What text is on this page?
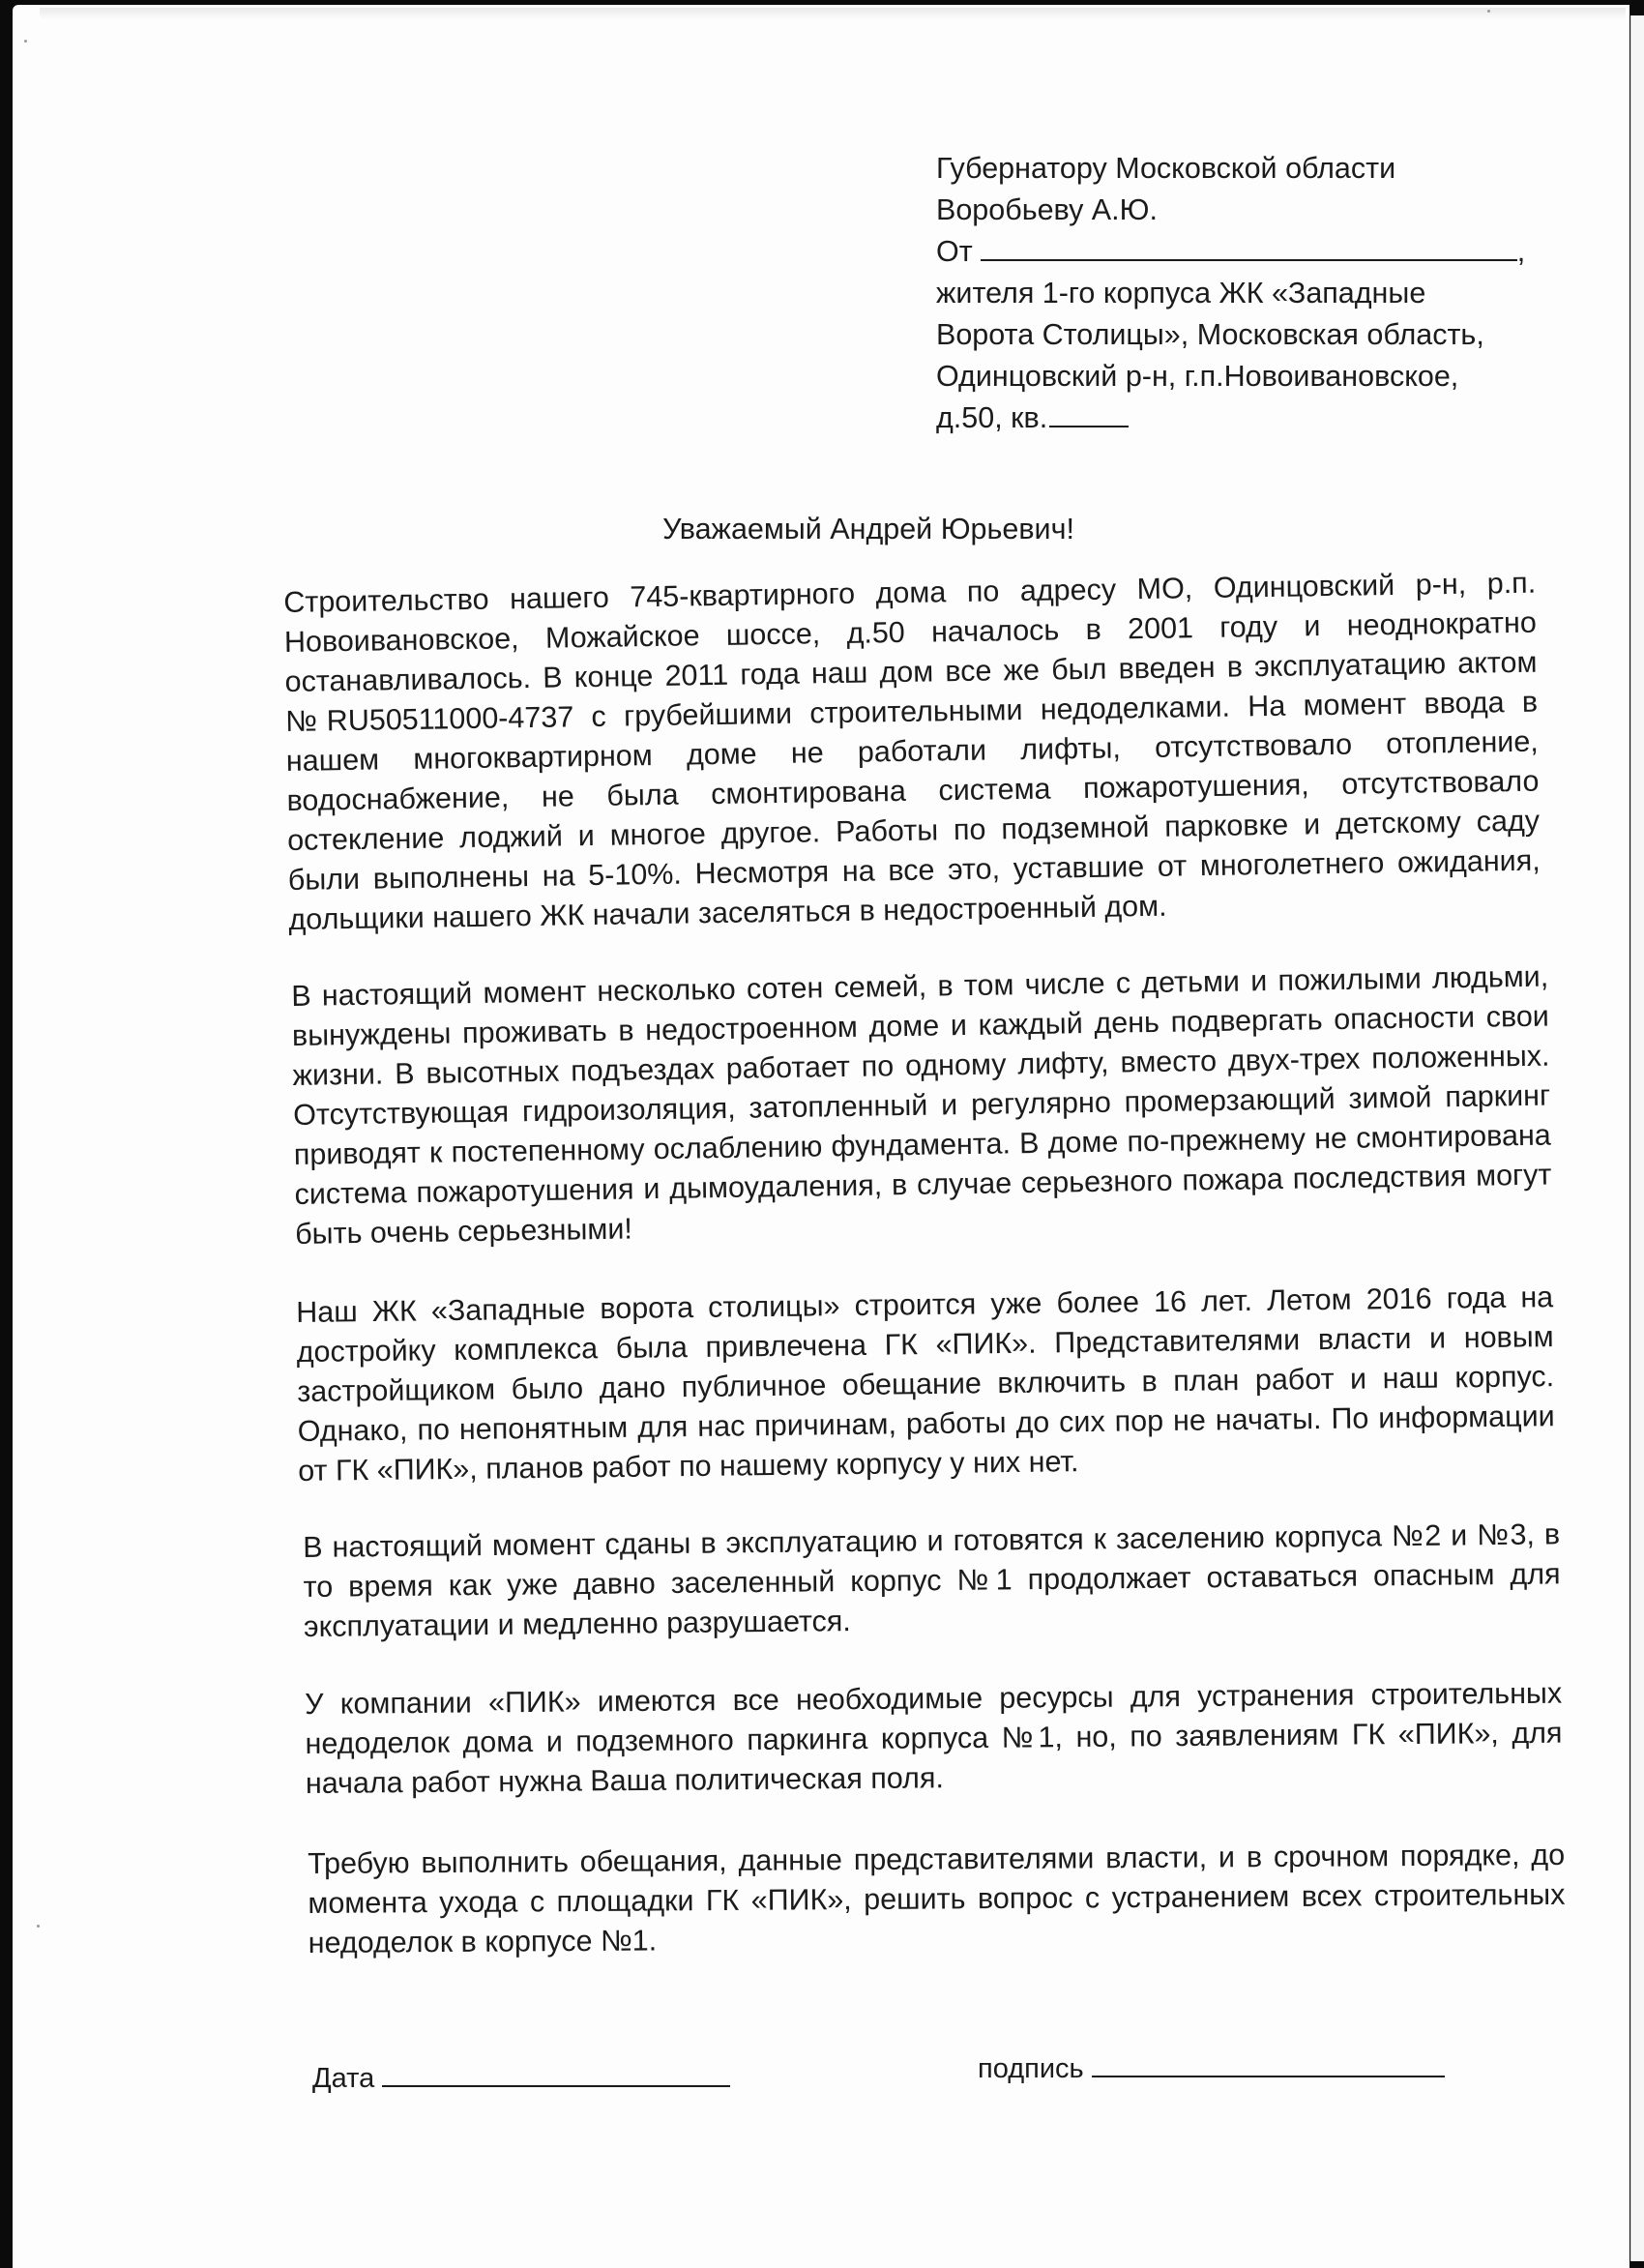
Губернатору Московской области
Воробьеву А.Ю.
От	,
жителя 1-го корпуса ЖК «Западные
Ворота Столицы», Московская область,
Одинцовский р-н, г.п.Новоивановское,
д.50, кв.
Уважаемый Андрей Юрьевич!
Строительство нашего 745-квартирного дома по адресу МО, Одинцовский р-н, р.п. Новоивановское, Можайское шоссе, д.50 началось в 2001 году и неоднократно останавливалось. В конце 2011 года наш дом все же был введен в эксплуатацию актом №RU50511000-4737 с грубейшими строительными недоделками. На момент ввода в нашем многоквартирном доме не работали лифты, отсутствовало отопление, водоснабжение, не была смонтирована система пожаротушения, отсутствовало остекление лоджий и многое другое. Работы по подземной парковке и детскому саду были выполнены на 5-10%. Несмотря на все это, уставшие от многолетнего ожидания, дольщики нашего ЖК начали заселяться в недостроенный дом.
В настоящий момент несколько сотен семей, в том числе с детьми и пожилыми людьми, вынуждены проживать в недостроенном доме и каждый день подвергать опасности свои жизни. В высотных подъездах работает по одному лифту, вместо двух-трех положенных. Отсутствующая гидроизоляция, затопленный и регулярно промерзающий зимой паркинг приводят к постепенному ослаблению фундамента. В доме по-прежнему не смонтирована система пожаротушения и дымоудаления, в случае серьезного пожара последствия могут быть очень серьезными!
Наш ЖК «Западные ворота столицы» строится уже более 16 лет. Летом 2016 года на достройку комплекса была привлечена ГК «ПИК». Представителями власти и новым застройщиком было дано публичное обещание включить в план работ и наш корпус. Однако, по непонятным для нас причинам, работы до сих пор не начаты. По информации от ГК «ПИК», планов работ по нашему корпусу у них нет.
В настоящий момент сданы в эксплуатацию и готовятся к заселению корпуса №2 и №3, в то время как уже давно заселенный корпус №1 продолжает оставаться опасным для эксплуатации и медленно разрушается.
У компании «ПИК» имеются все необходимые ресурсы для устранения строительных недоделок дома и подземного паркинга корпуса №1, но, по заявлениям ГК «ПИК», для начала работ нужна Ваша политическая поля.
Требую выполнить обещания, данные представителями власти, и в срочном порядке, до момента ухода с площадки ГК «ПИК», решить вопрос с устранением всех строительных недоделок в корпусе №1.
Дата	подпись
